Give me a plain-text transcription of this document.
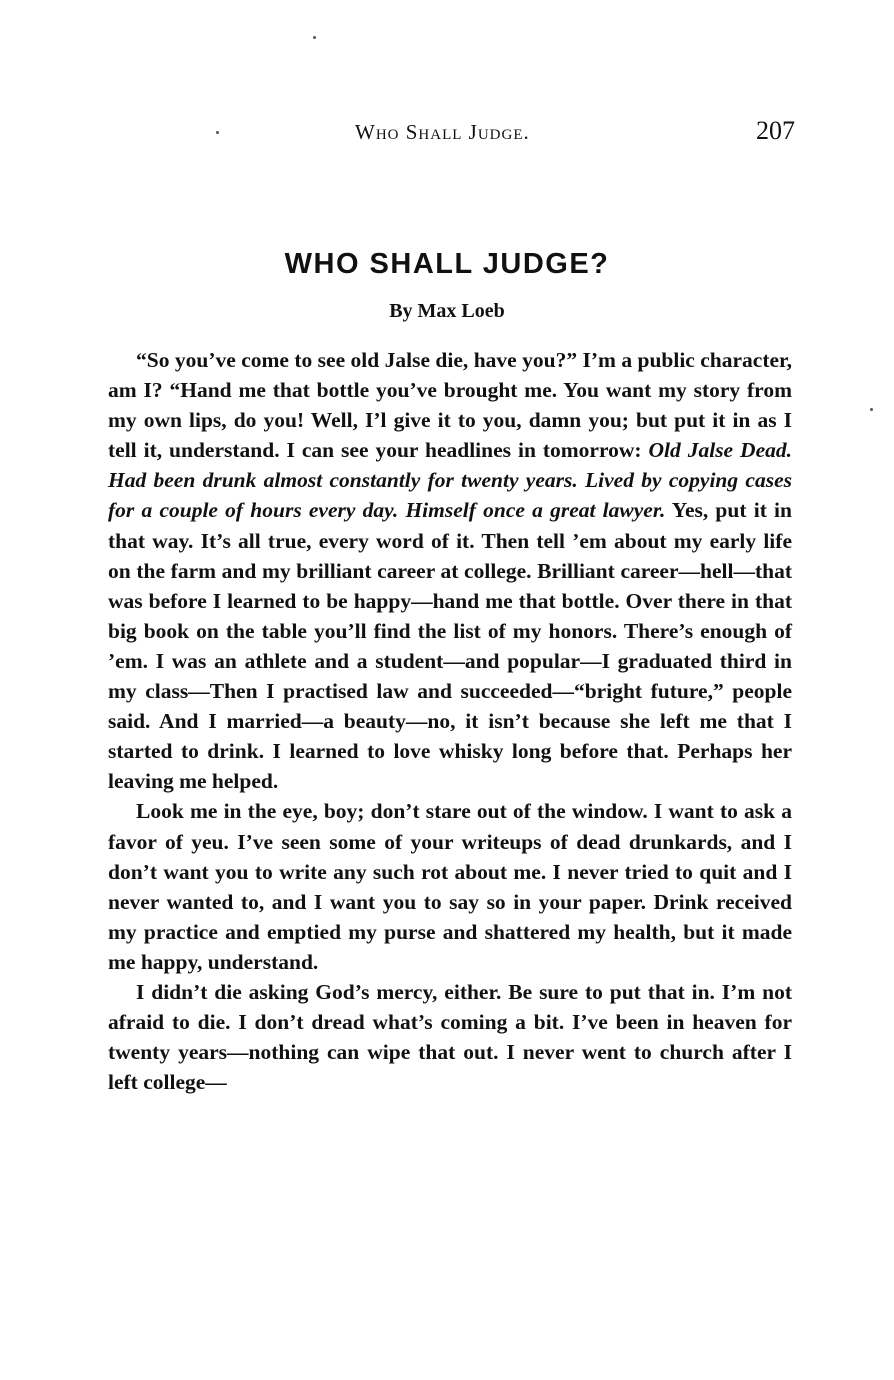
Who Shall Judge.	207
WHO SHALL JUDGE?
By Max Loeb

“So you’ve come to see old Jalse die, have you?” I’m a public character, am I? “Hand me that bottle you’ve brought me. You want my story from my own lips, do you! Well, I’l give it to you, damn you; but put it in as I tell it, understand. I can see your headlines in tomorrow: Old Jalse Dead. Had been drunk almost constantly for twenty years. Lived by copying cases for a couple of hours every day. Himself once a great lawyer. Yes, put it in that way. It’s all true, every word of it. Then tell ’em about my early life on the farm and my brilliant career at college. Brilliant career—hell—that was before I learned to be happy—hand me that bottle. Over there in that big book on the table you’ll find the list of my honors. There’s enough of ’em. I was an athlete and a student—and popular—I graduated third in my class—Then I practised law and succeeded—“bright future,” people said. And I married—a beauty—no, it isn’t because she left me that I started to drink. I learned to love whisky long before that. Perhaps her leaving me helped.

Look me in the eye, boy; don’t stare out of the window. I want to ask a favor of yeu. I’ve seen some of your writeups of dead drunkards, and I don’t want you to write any such rot about me. I never tried to quit and I never wanted to, and I want you to say so in your paper. Drink received my practice and emptied my purse and shattered my health, but it made me happy, understand.

I didn’t die asking God’s mercy, either. Be sure to put that in. I’m not afraid to die. I don’t dread what’s coming a bit. I’ve been in heaven for twenty years—nothing can wipe that out. I never went to church after I left college—
